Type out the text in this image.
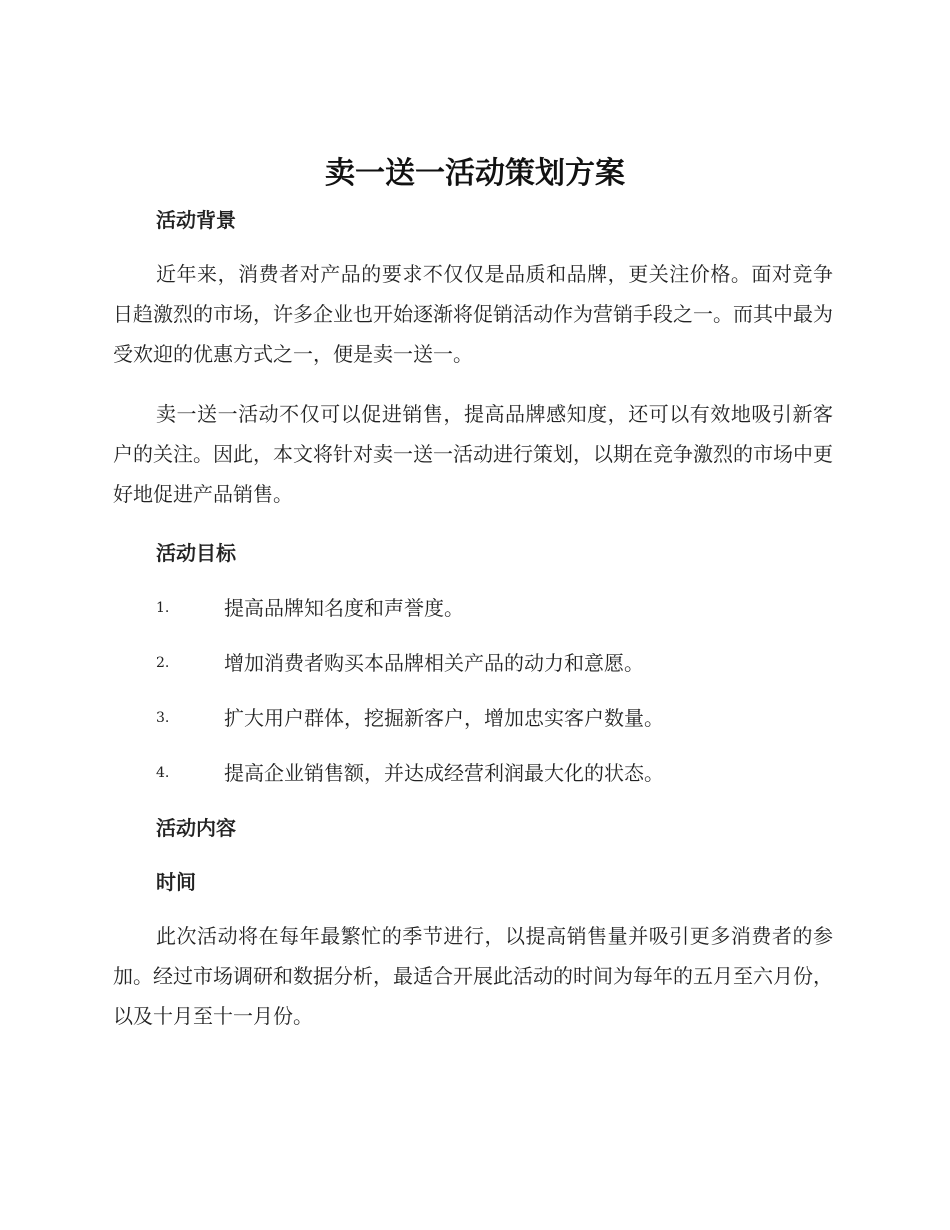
卖一送一活动策划方案
活动背景

近年来，消费者对产品的要求不仅仅是品质和品牌，更关注价格。面对竞争日趋激烈的市场，许多企业也开始逐渐将促销活动作为营销手段之一。而其中最为受欢迎的优惠方式之一，便是卖一送一。

卖一送一活动不仅可以促进销售，提高品牌感知度，还可以有效地吸引新客户的关注。因此，本文将针对卖一送一活动进行策划，以期在竞争激烈的市场中更好地促进产品销售。

活动目标
1.	提高品牌知名度和声誉度。
2.	增加消费者购买本品牌相关产品的动力和意愿。
3.	扩大用户群体，挖掘新客户，增加忠实客户数量。
4.	提高企业销售额，并达成经营利润最大化的状态。
活动内容
时间

此次活动将在每年最繁忙的季节进行，以提高销售量并吸引更多消费者的参加。经过市场调研和数据分析，最适合开展此活动的时间为每年的五月至六月份，以及十月至十一月份。
